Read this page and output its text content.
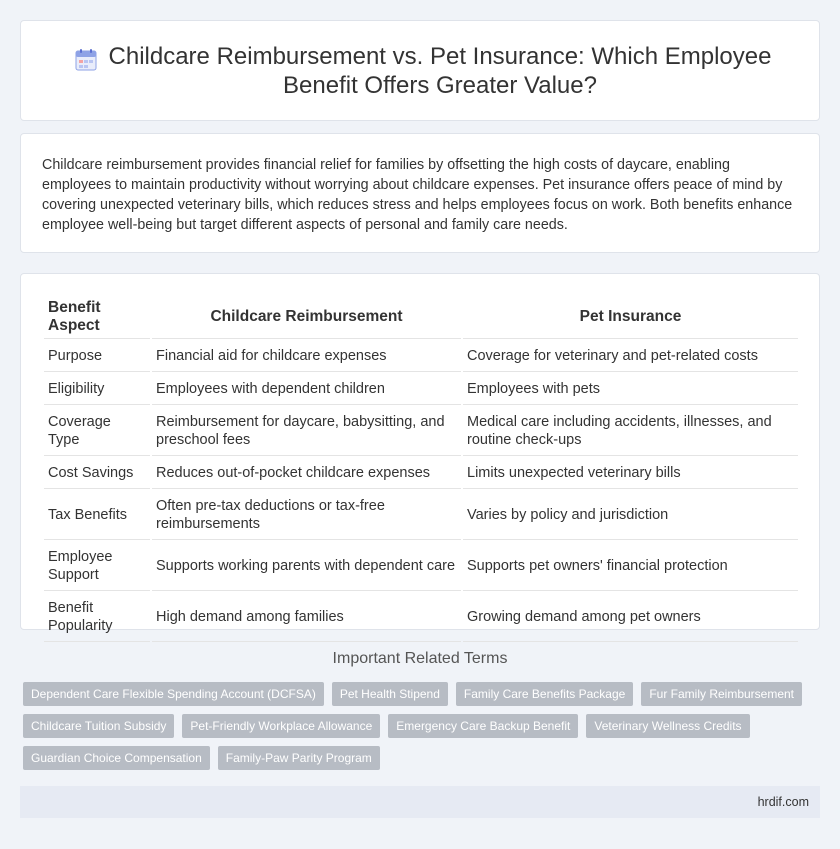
Childcare Reimbursement vs. Pet Insurance: Which Employee Benefit Offers Greater Value?

Childcare reimbursement provides financial relief for families by offsetting the high costs of daycare, enabling employees to maintain productivity without worrying about childcare expenses. Pet insurance offers peace of mind by covering unexpected veterinary bills, which reduces stress and helps employees focus on work. Both benefits enhance employee well-being but target different aspects of personal and family care needs.

Benefit Aspect	Childcare Reimbursement	Pet Insurance
Purpose	Financial aid for childcare expenses	Coverage for veterinary and pet-related costs
Eligibility	Employees with dependent children	Employees with pets
Coverage Type	Reimbursement for daycare, babysitting, and preschool fees	Medical care including accidents, illnesses, and routine check-ups
Cost Savings	Reduces out-of-pocket childcare expenses	Limits unexpected veterinary bills
Tax Benefits	Often pre-tax deductions or tax-free reimbursements	Varies by policy and jurisdiction
Employee Support	Supports working parents with dependent care	Supports pet owners' financial protection
Benefit Popularity	High demand among families	Growing demand among pet owners
Important Related Terms
Dependent Care Flexible Spending Account (DCFSA)	Pet Health Stipend	Family Care Benefits Package	Fur Family Reimbursement
Childcare Tuition Subsidy	Pet-Friendly Workplace Allowance	Emergency Care Backup Benefit	Veterinary Wellness Credits
Guardian Choice Compensation	Family-Paw Parity Program
hrdif.com
